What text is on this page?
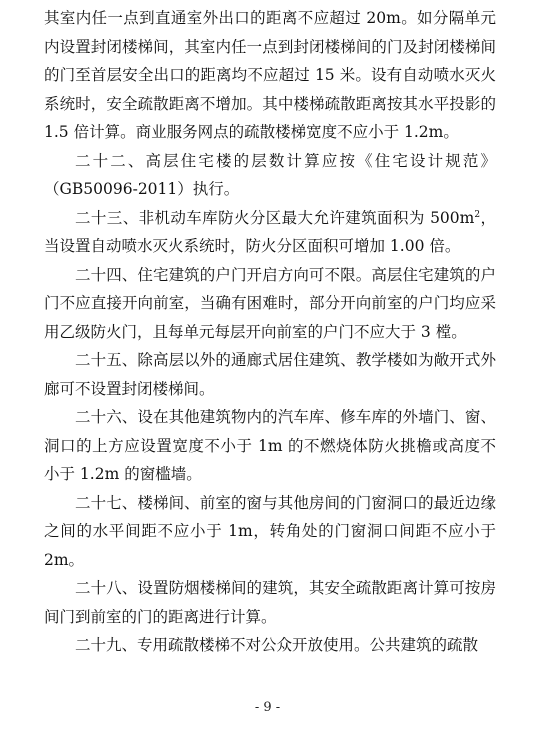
其室内任一点到直通室外出口的距离不应超过 20m。如分隔单元内设置封闭楼梯间，其室内任一点到封闭楼梯间的门及封闭楼梯间的门至首层安全出口的距离均不应超过 15 米。设有自动喷水灭火系统时，安全疏散距离不增加。其中楼梯疏散距离按其水平投影的 1.5 倍计算。商业服务网点的疏散楼梯宽度不应小于 1.2m。

二十二、高层住宅楼的层数计算应按《住宅设计规范》（GB50096-2011）执行。

二十三、非机动车库防火分区最大允许建筑面积为 $500m^2$，当设置自动喷水灭火系统时，防火分区面积可增加 1.00 倍。

二十四、住宅建筑的户门开启方向可不限。高层住宅建筑的户门不应直接开向前室，当确有困难时，部分开向前室的户门均应采用乙级防火门，且每单元每层开向前室的户门不应大于 3 樘。

二十五、除高层以外的通廊式居住建筑、教学楼如为敞开式外廊可不设置封闭楼梯间。

二十六、设在其他建筑物内的汽车库、修车库的外墙门、窗、洞口的上方应设置宽度不小于 1m 的不燃烧体防火挑檐或高度不小于 1.2m 的窗槛墙。

二十七、楼梯间、前室的窗与其他房间的门窗洞口的最近边缘之间的水平间距不应小于 1m，转角处的门窗洞口间距不应小于 2m。

二十八、设置防烟楼梯间的建筑，其安全疏散距离计算可按房间门到前室的门的距离进行计算。

二十九、专用疏散楼梯不对公众开放使用。公共建筑的疏散

- 9 -
